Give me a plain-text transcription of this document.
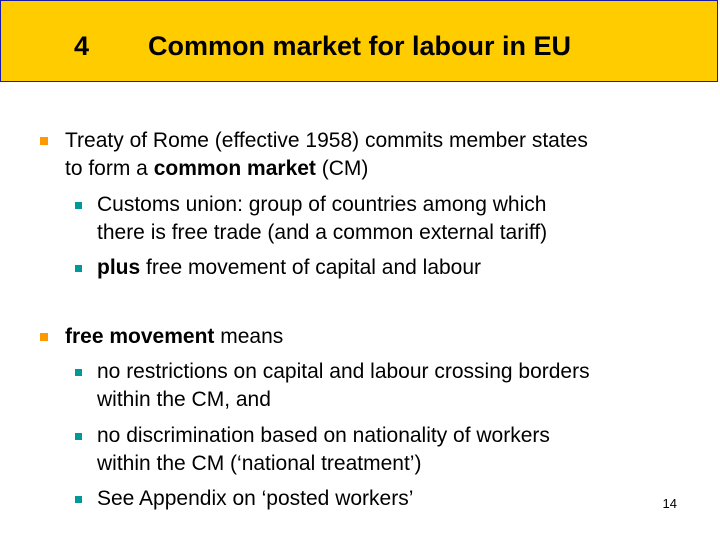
4 Common market for labour in EU
Treaty of Rome (effective 1958) commits member states
to form a common market (CM)
Customs union: group of countries among which
there is free trade (and a common external tariff)
plus free movement of capital and labour
free movement means
no restrictions on capital and labour crossing borders
within the CM, and
no discrimination based on nationality of workers
within the CM (‘national treatment’)
See Appendix on ‘posted workers’	14
